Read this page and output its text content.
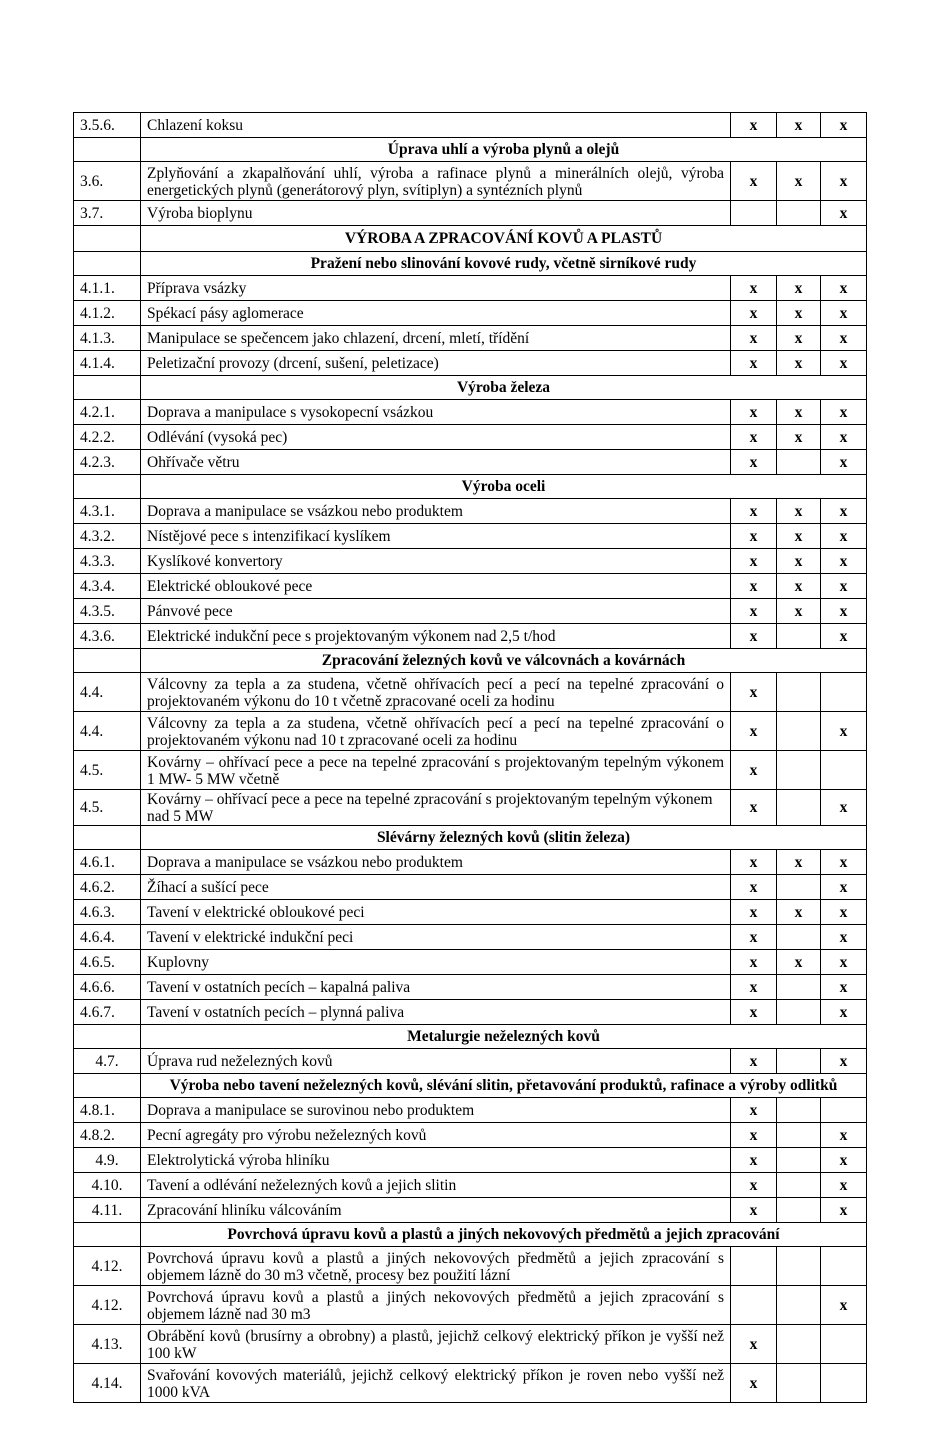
3.5.6.	Chlazení koksu	x	x	x
	Úprava uhlí a výroba plynů a olejů			
3.6.	Zplyňování a zkapalňování uhlí, výroba a rafinace plynů a minerálních olejů, výroba energetických plynů (generátorový plyn, svítiplyn) a syntézních plynů	x	x	x
3.7.	Výroba bioplynu			x
	VÝROBA A ZPRACOVÁNÍ KOVŮ A PLASTŮ			
	Pražení nebo slinování kovové rudy, včetně sirníkové rudy			
4.1.1.	Příprava vsázky	x	x	x
4.1.2.	Spékací pásy aglomerace	x	x	x
4.1.3.	Manipulace se spečencem jako chlazení, drcení, mletí, třídění	x	x	x
4.1.4.	Peletizační provozy (drcení, sušení, peletizace)	x	x	x
	Výroba železa			
4.2.1.	Doprava a manipulace s vysokopecní vsázkou	x	x	x
4.2.2.	Odlévání (vysoká pec)	x	x	x
4.2.3.	Ohřívače větru	x		x
	Výroba oceli			
4.3.1.	Doprava a manipulace se vsázkou nebo produktem	x	x	x
4.3.2.	Nístějové pece s intenzifikací kyslíkem	x	x	x
4.3.3.	Kyslíkové konvertory	x	x	x
4.3.4.	Elektrické obloukové pece	x	x	x
4.3.5.	Pánvové pece	x	x	x
4.3.6.	Elektrické indukční pece s projektovaným výkonem nad 2,5 t/hod	x		x
	Zpracování železných kovů ve válcovnách a kovárnách			
4.4.	Válcovny za tepla a za studena, včetně ohřívacích pecí a pecí na tepelné zpracování o projektovaném výkonu do 10 t včetně zpracované oceli za hodinu	x		
4.4.	Válcovny za tepla a za studena, včetně ohřívacích pecí a pecí na tepelné zpracování o projektovaném výkonu nad 10 t zpracované oceli za hodinu	x		x
4.5.	Kovárny – ohřívací pece a pece na tepelné zpracování s projektovaným tepelným výkonem 1 MW- 5 MW včetně	x		
4.5.	Kovárny – ohřívací pece a pece na tepelné zpracování s projektovaným tepelným výkonem nad 5 MW	x		x
	Slévárny železných kovů (slitin železa)			
4.6.1.	Doprava a manipulace se vsázkou nebo produktem	x	x	x
4.6.2.	Žíhací a sušící pece	x		x
4.6.3.	Tavení v elektrické obloukové peci	x	x	x
4.6.4.	Tavení v elektrické indukční peci	x		x
4.6.5.	Kuplovny	x	x	x
4.6.6.	Tavení v ostatních pecích – kapalná paliva	x		x
4.6.7.	Tavení v ostatních pecích – plynná paliva	x		x
	Metalurgie neželezných kovů			
4.7.	Úprava rud neželezných kovů	x		x
	Výroba nebo tavení neželezných kovů, slévání slitin, přetavování produktů, rafinace a výroby odlitků			
4.8.1.	Doprava a manipulace se surovinou nebo produktem	x		
4.8.2.	Pecní agregáty pro výrobu neželezných kovů	x		x
4.9.	Elektrolytická výroba hliníku	x		x
4.10.	Tavení a odlévání neželezných kovů a jejich slitin	x		x
4.11.	Zpracování hliníku válcováním	x		x
	Povrchová úpravu kovů a plastů a jiných nekovových předmětů a jejich zpracování			
4.12.	Povrchová úpravu kovů a plastů a jiných nekovových předmětů a jejich zpracování s objemem lázně do 30 m3 včetně, procesy bez použití lázní			
4.12.	Povrchová úpravu kovů a plastů a jiných nekovových předmětů a jejich zpracování s objemem lázně nad 30 m3			x
4.13.	Obrábění kovů (brusírny a obrobny) a plastů, jejichž celkový elektrický příkon je vyšší než 100 kW	x		
4.14.	Svařování kovových materiálů, jejichž celkový elektrický příkon je roven nebo vyšší než 1000 kVA	x		
